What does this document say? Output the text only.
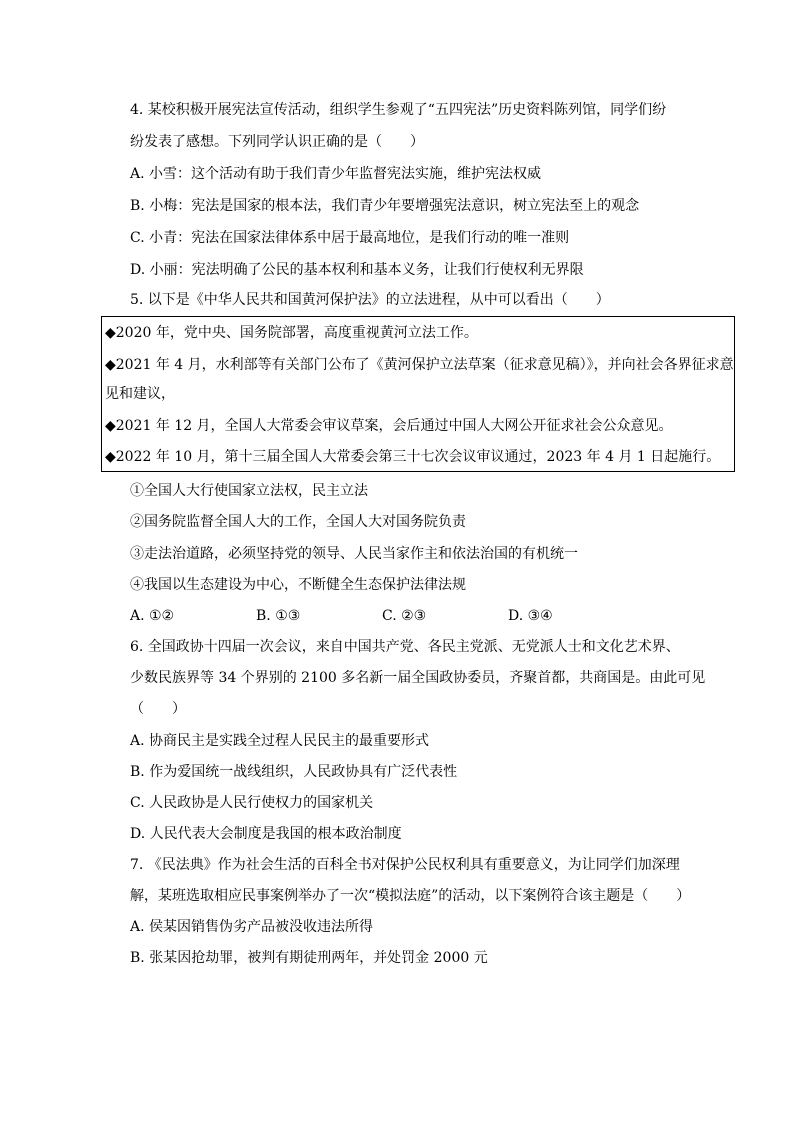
4. 某校积极开展宪法宣传活动，组织学生参观了“五四宪法”历史资料陈列馆，同学们纷
纷发表了感想。下列同学认识正确的是（　　）
A. 小雪：这个活动有助于我们青少年监督宪法实施，维护宪法权威
B. 小梅：宪法是国家的根本法，我们青少年要增强宪法意识，树立宪法至上的观念
C. 小青：宪法在国家法律体系中居于最高地位，是我们行动的唯一准则
D. 小丽：宪法明确了公民的基本权利和基本义务，让我们行使权利无界限
5. 以下是《中华人民共和国黄河保护法》的立法进程，从中可以看出（　　）
◆2020 年，党中央、国务院部署，高度重视黄河立法工作。
◆2021 年 4 月，水利部等有关部门公布了《黄河保护立法草案（征求意见稿）》，并向社会各界征求意
见和建议，
◆2021 年 12 月，全国人大常委会审议草案，会后通过中国人大网公开征求社会公众意见。
◆2022 年 10 月，第十三届全国人大常委会第三十七次会议审议通过，2023 年 4 月 1 日起施行。
①全国人大行使国家立法权，民主立法
②国务院监督全国人大的工作，全国人大对国务院负责
③走法治道路，必须坚持党的领导、人民当家作主和依法治国的有机统一
④我国以生态建设为中心，不断健全生态保护法律法规
A. ①②	B. ①③	C. ②③	D. ③④
6. 全国政协十四届一次会议，来自中国共产党、各民主党派、无党派人士和文化艺术界、
少数民族界等 34 个界别的 2100 多名新一届全国政协委员，齐聚首都，共商国是。由此可见
（　　）
A. 协商民主是实践全过程人民民主的最重要形式
B. 作为爱国统一战线组织，人民政协具有广泛代表性
C. 人民政协是人民行使权力的国家机关
D. 人民代表大会制度是我国的根本政治制度
7. 《民法典》作为社会生活的百科全书对保护公民权利具有重要意义，为让同学们加深理
解，某班选取相应民事案例举办了一次“模拟法庭”的活动，以下案例符合该主题是（　　）
A. 侯某因销售伪劣产品被没收违法所得
B. 张某因抢劫罪，被判有期徒刑两年，并处罚金 2000 元
